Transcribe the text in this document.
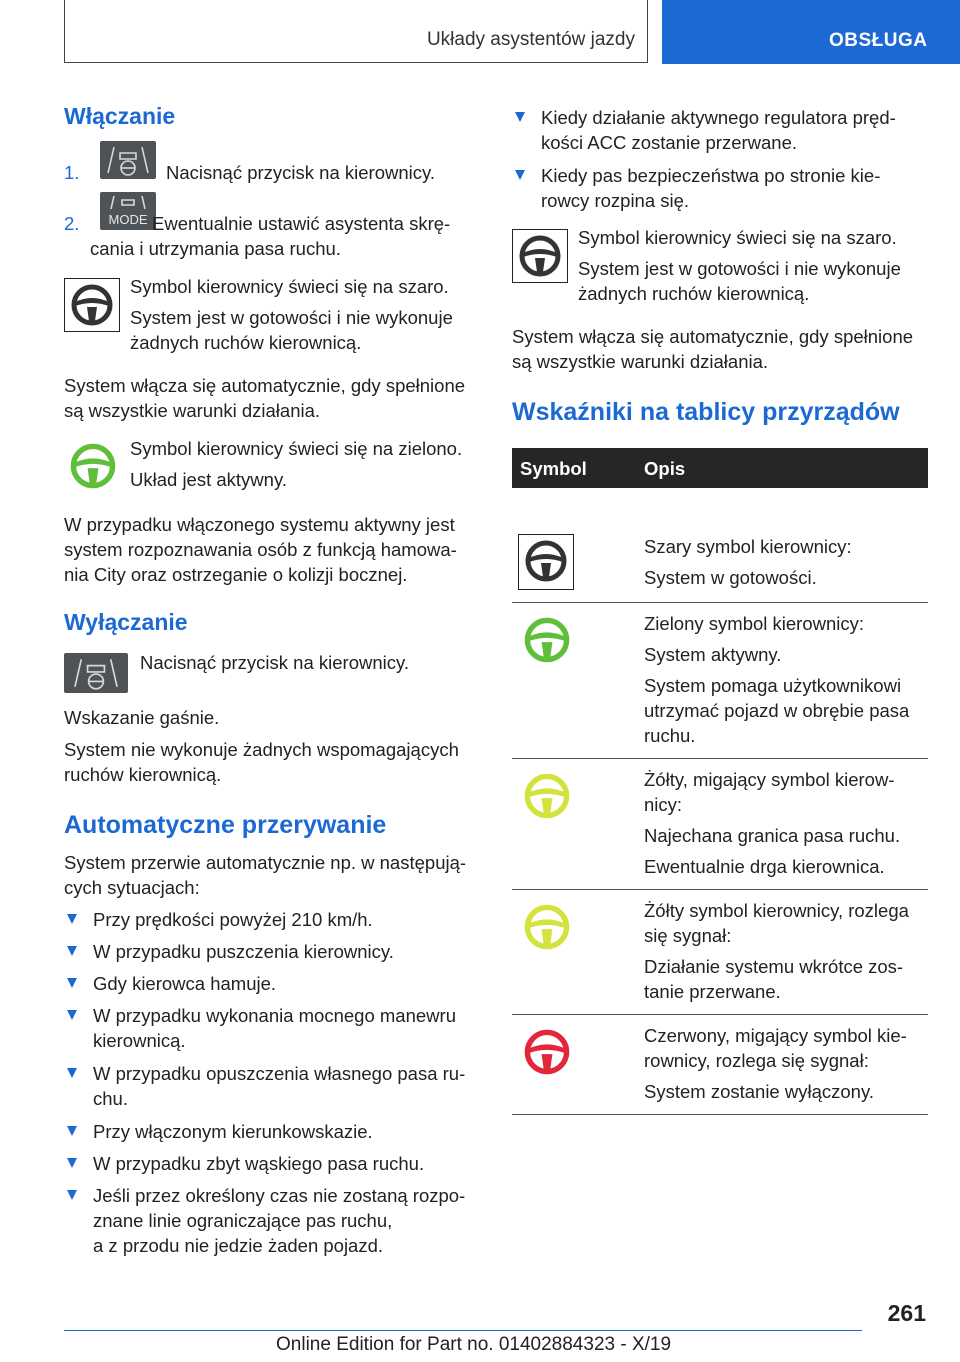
Układy asystentów jazdy	OBSŁUGA
Włączanie
1.	Nacisnąć przycisk na kierownicy.

2. MODE Ewentualnie ustawić asystenta skrę‐

cania i utrzymania pasa ruchu.

Symbol kierownicy świeci się na szaro.

System jest w gotowości i nie wykonuje

żadnych ruchów kierownicą.

System włącza się automatycznie, gdy spełnione

są wszystkie warunki działania.

Symbol kierownicy świeci się na zielono.

Układ jest aktywny.

W przypadku włączonego systemu aktywny jest

system rozpoznawania osób z funkcją hamowa‐

nia City oraz ostrzeganie o kolizji bocznej.

Wyłączanie

Nacisnąć przycisk na kierownicy.

Wskazanie gaśnie.

System nie wykonuje żadnych wspomagających

ruchów kierownicą.

Automatyczne przerywanie

System przerwie automatycznie np. w następują‐

cych sytuacjach:

Przy prędkości powyżej 210 km/h.

W przypadku puszczenia kierownicy.

Gdy kierowca hamuje.

W przypadku wykonania mocnego manewru

kierownicą.

W przypadku opuszczenia własnego pasa ru‐

chu.

Przy włączonym kierunkowskazie.

W przypadku zbyt wąskiego pasa ruchu.

Jeśli przez określony czas nie zostaną rozpo‐

znane linie ograniczające pas ruchu,

a z przodu nie jedzie żaden pojazd.

Kiedy działanie aktywnego regulatora pręd‐

kości ACC zostanie przerwane.

Kiedy pas bezpieczeństwa po stronie kie‐

rowcy rozpina się.

Symbol kierownicy świeci się na szaro.

System jest w gotowości i nie wykonuje

żadnych ruchów kierownicą.

System włącza się automatycznie, gdy spełnione

są wszystkie warunki działania.

Wskaźniki na tablicy przyrządów
Symbol	Opis

Szary symbol kierownicy:
System w gotowości.

Zielony symbol kierownicy:
System aktywny.
System pomaga użytkownikowi
utrzymać pojazd w obrębie pasa
ruchu.

Żółty, migający symbol kierow‐
nicy:
Najechana granica pasa ruchu.
Ewentualnie drga kierownica.

Żółty symbol kierownicy, rozlega
się sygnał:
Działanie systemu wkrótce zos‐
tanie przerwane.

Czerwony, migający symbol kie‐
rownicy, rozlega się sygnał:
System zostanie wyłączony.
261
Online Edition for Part no. 01402884323 - X/19
